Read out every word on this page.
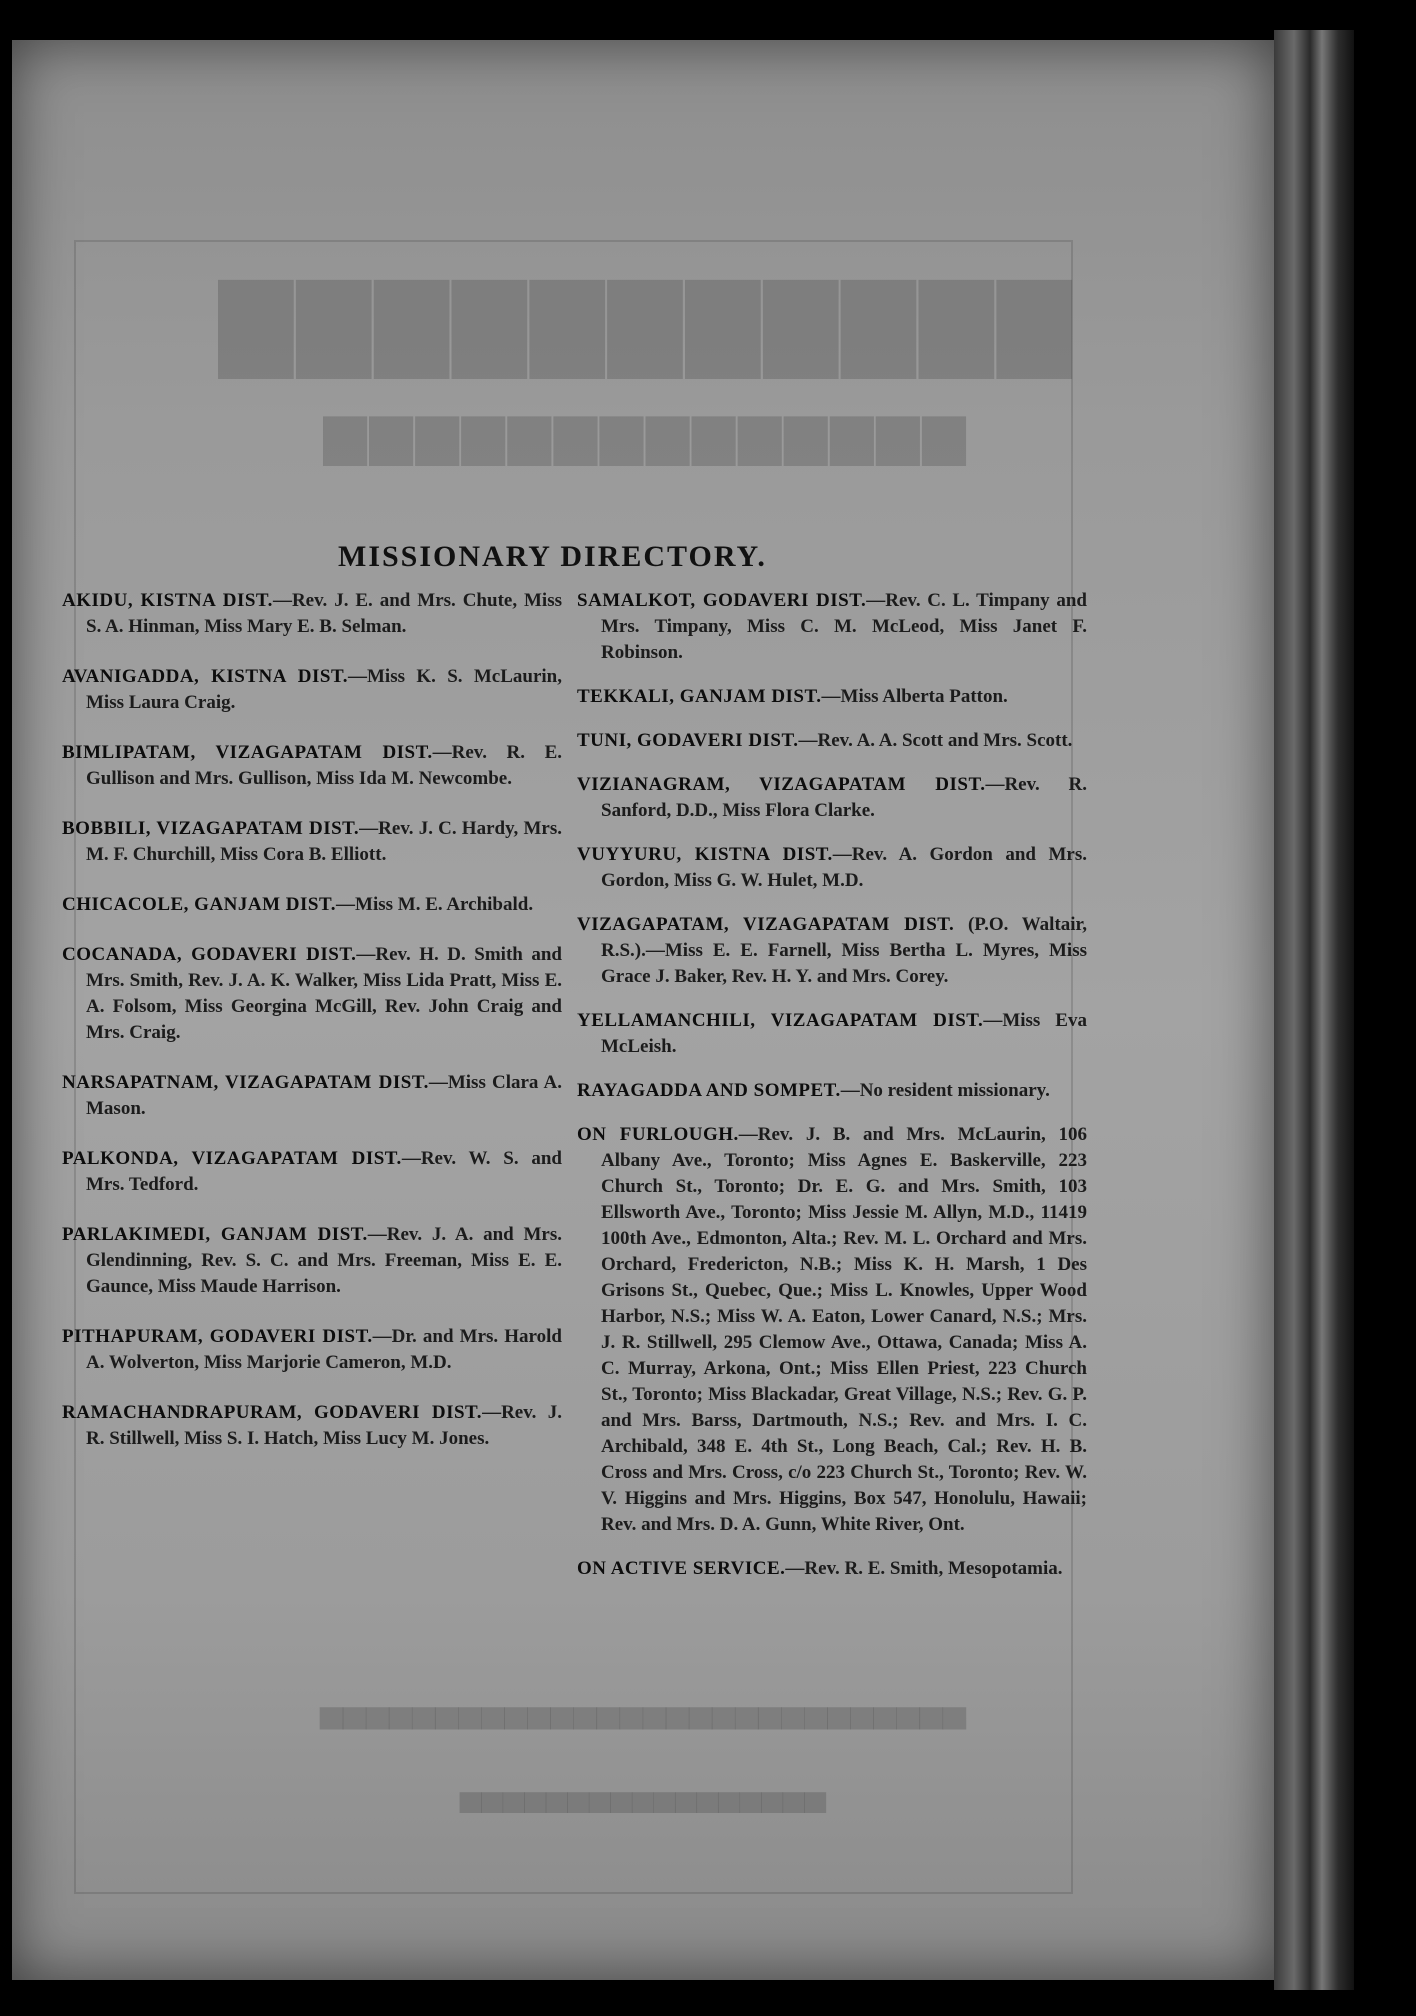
▇▇▇▇▇▇▇▇▇▇▇
▆▆▆▆▆▆▆▆▆▆▆▆▆▆
▅▅▅▅▅▅▅▅▅▅▅▅▅▅▅▅▅▅▅▅▅▅▅▅▅▅▅▅
▅▅▅▅▅▅▅▅▅▅▅▅▅▅▅▅▅
MISSIONARY DIRECTORY.
AKIDU, KISTNA DIST.—Rev. J. E. and Mrs. Chute, Miss S. A. Hinman, Miss Mary E. B. Selman.
AVANIGADDA, KISTNA DIST.—Miss K. S. McLaurin, Miss Laura Craig.
BIMLIPATAM, VIZAGAPATAM DIST.—Rev. R. E. Gullison and Mrs. Gullison, Miss Ida M. Newcombe.
BOBBILI, VIZAGAPATAM DIST.—Rev. J. C. Hardy, Mrs. M. F. Churchill, Miss Cora B. Elliott.
CHICACOLE, GANJAM DIST.—Miss M. E. Archibald.
COCANADA, GODAVERI DIST.—Rev. H. D. Smith and Mrs. Smith, Rev. J. A. K. Walker, Miss Lida Pratt, Miss E. A. Folsom, Miss Georgina McGill, Rev. John Craig and Mrs. Craig.
NARSAPATNAM, VIZAGAPATAM DIST.—Miss Clara A. Mason.
PALKONDA, VIZAGAPATAM DIST.—Rev. W. S. and Mrs. Tedford.
PARLAKIMEDI, GANJAM DIST.—Rev. J. A. and Mrs. Glendinning, Rev. S. C. and Mrs. Freeman, Miss E. E. Gaunce, Miss Maude Harrison.
PITHAPURAM, GODAVERI DIST.—Dr. and Mrs. Harold A. Wolverton, Miss Marjorie Cameron, M.D.
RAMACHANDRAPURAM, GODAVERI DIST.—Rev. J. R. Stillwell, Miss S. I. Hatch, Miss Lucy M. Jones.
SAMALKOT, GODAVERI DIST.—Rev. C. L. Timpany and Mrs. Timpany, Miss C. M. McLeod, Miss Janet F. Robinson.
TEKKALI, GANJAM DIST.—Miss Alberta Patton.
TUNI, GODAVERI DIST.—Rev. A. A. Scott and Mrs. Scott.
VIZIANAGRAM, VIZAGAPATAM DIST.—Rev. R. Sanford, D.D., Miss Flora Clarke.
VUYYURU, KISTNA DIST.—Rev. A. Gordon and Mrs. Gordon, Miss G. W. Hulet, M.D.
VIZAGAPATAM, VIZAGAPATAM DIST. (P.O. Waltair, R.S.).—Miss E. E. Farnell, Miss Bertha L. Myres, Miss Grace J. Baker, Rev. H. Y. and Mrs. Corey.
YELLAMANCHILI, VIZAGAPATAM DIST.—Miss Eva McLeish.
RAYAGADDA AND SOMPET.—No resident missionary.
ON FURLOUGH.—Rev. J. B. and Mrs. McLaurin, 106 Albany Ave., Toronto; Miss Agnes E. Baskerville, 223 Church St., Toronto; Dr. E. G. and Mrs. Smith, 103 Ellsworth Ave., Toronto; Miss Jessie M. Allyn, M.D., 11419 100th Ave., Edmonton, Alta.; Rev. M. L. Orchard and Mrs. Orchard, Fredericton, N.B.; Miss K. H. Marsh, 1 Des Grisons St., Quebec, Que.; Miss L. Knowles, Upper Wood Harbor, N.S.; Miss W. A. Eaton, Lower Canard, N.S.; Mrs. J. R. Stillwell, 295 Clemow Ave., Ottawa, Canada; Miss A. C. Murray, Arkona, Ont.; Miss Ellen Priest, 223 Church St., Toronto; Miss Blackadar, Great Village, N.S.; Rev. G. P. and Mrs. Barss, Dartmouth, N.S.; Rev. and Mrs. I. C. Archibald, 348 E. 4th St., Long Beach, Cal.; Rev. H. B. Cross and Mrs. Cross, c/o 223 Church St., Toronto; Rev. W. V. Higgins and Mrs. Higgins, Box 547, Honolulu, Hawaii; Rev. and Mrs. D. A. Gunn, White River, Ont.
ON ACTIVE SERVICE.—Rev. R. E. Smith, Mesopotamia.
